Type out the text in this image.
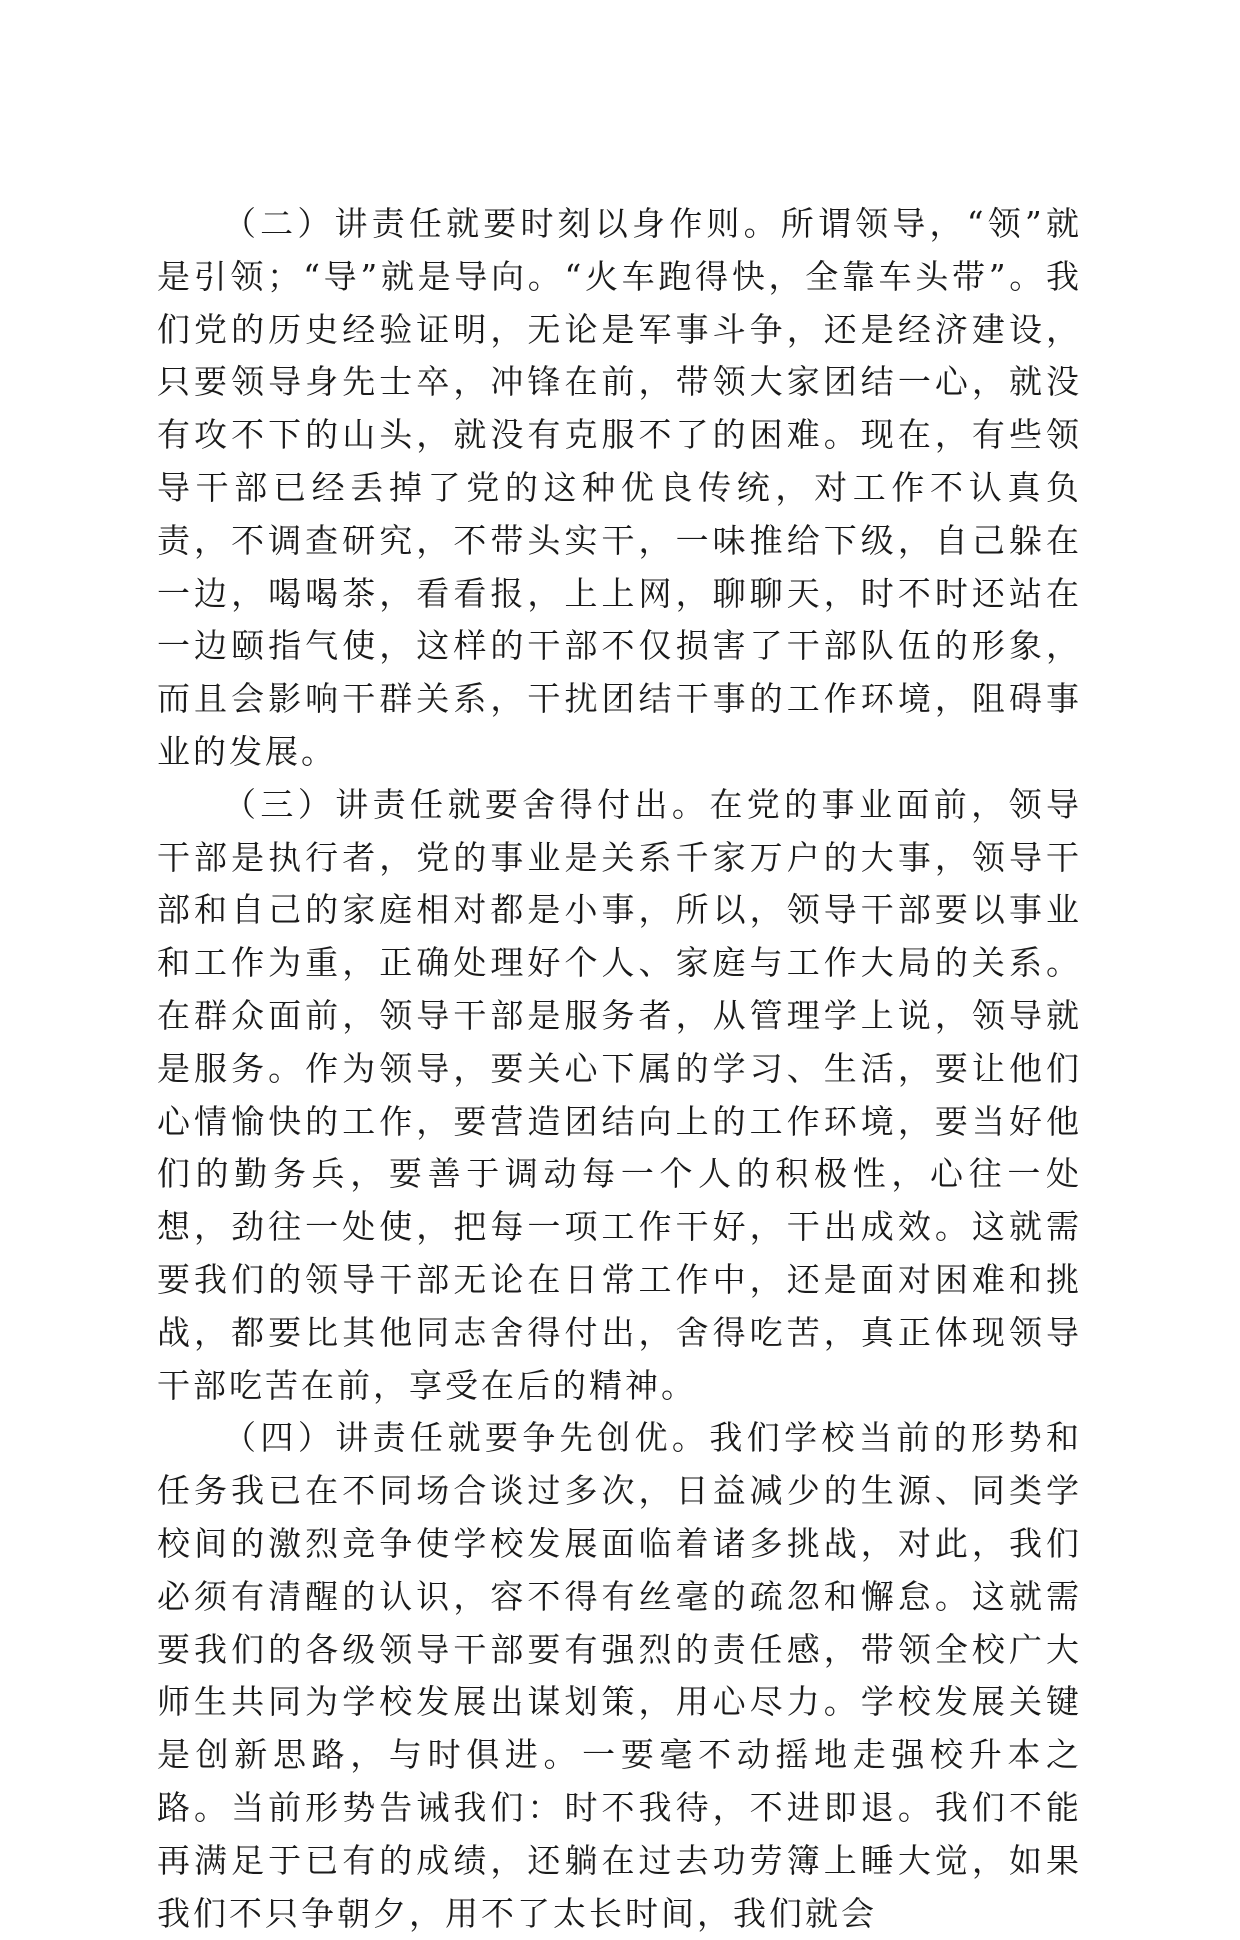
（二）讲责任就要时刻以身作则。所谓领导，“领”就是引领；“导”就是导向。“火车跑得快，全靠车头带”。我们党的历史经验证明，无论是军事斗争，还是经济建设，只要领导身先士卒，冲锋在前，带领大家团结一心，就没有攻不下的山头，就没有克服不了的困难。现在，有些领导干部已经丢掉了党的这种优良传统，对工作不认真负责，不调查研究，不带头实干，一味推给下级，自己躲在一边，喝喝茶，看看报，上上网，聊聊天，时不时还站在一边颐指气使，这样的干部不仅损害了干部队伍的形象，而且会影响干群关系，干扰团结干事的工作环境，阻碍事业的发展。

（三）讲责任就要舍得付出。在党的事业面前，领导干部是执行者，党的事业是关系千家万户的大事，领导干部和自己的家庭相对都是小事，所以，领导干部要以事业和工作为重，正确处理好个人、家庭与工作大局的关系。在群众面前，领导干部是服务者，从管理学上说，领导就是服务。作为领导，要关心下属的学习、生活，要让他们心情愉快的工作，要营造团结向上的工作环境，要当好他们的勤务兵，要善于调动每一个人的积极性，心往一处想，劲往一处使，把每一项工作干好，干出成效。这就需要我们的领导干部无论在日常工作中，还是面对困难和挑战，都要比其他同志舍得付出，舍得吃苦，真正体现领导干部吃苦在前，享受在后的精神。

（四）讲责任就要争先创优。我们学校当前的形势和任务我已在不同场合谈过多次，日益减少的生源、同类学校间的激烈竞争使学校发展面临着诸多挑战，对此，我们必须有清醒的认识，容不得有丝毫的疏忽和懈怠。这就需要我们的各级领导干部要有强烈的责任感，带领全校广大师生共同为学校发展出谋划策，用心尽力。学校发展关键是创新思路，与时俱进。一要毫不动摇地走强校升本之路。当前形势告诫我们：时不我待，不进即退。我们不能再满足于已有的成绩，还躺在过去功劳簿上睡大觉，如果我们不只争朝夕，用不了太长时间，我们就会
